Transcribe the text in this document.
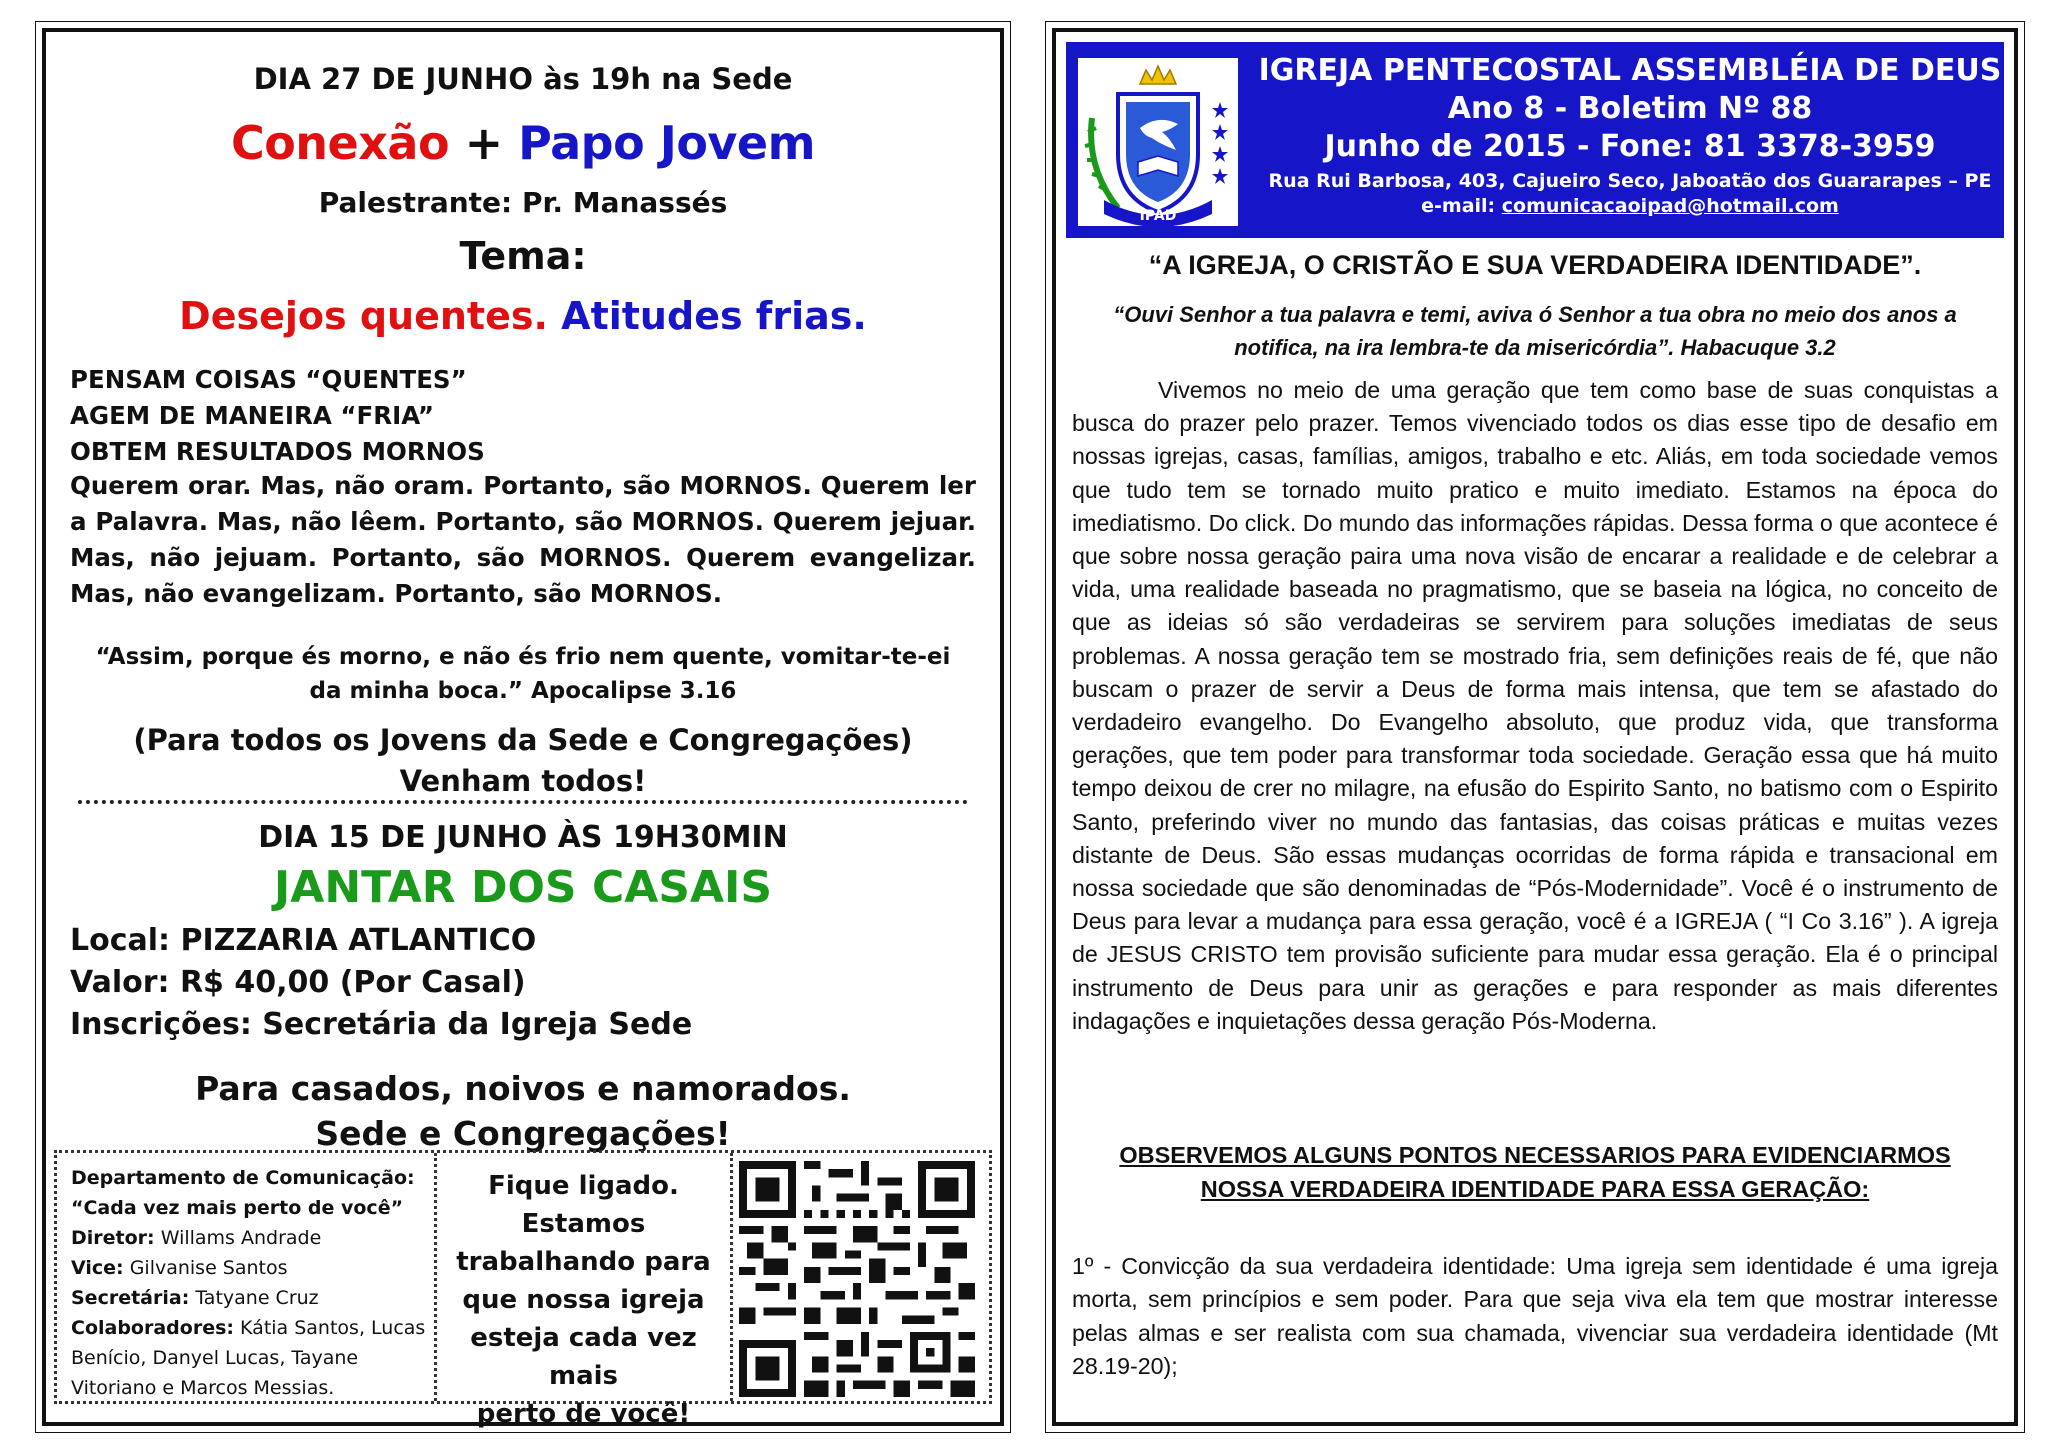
DIA 27 DE JUNHO às 19h na Sede
Conexão + Papo Jovem
Palestrante: Pr. Manassés
Tema:
Desejos quentes. Atitudes frias.
PENSAM COISAS “QUENTES”
AGEM DE MANEIRA “FRIA”
OBTEM RESULTADOS MORNOS
Querem orar. Mas, não oram. Portanto, são MORNOS. Querem ler a Palavra. Mas, não lêem. Portanto, são MORNOS. Querem jejuar. Mas, não jejuam. Portanto, são MORNOS. Querem evangelizar. Mas, não evangelizam. Portanto, são MORNOS.
“Assim, porque és morno, e não és frio nem quente, vomitar-te-ei da minha boca.” Apocalipse 3.16
(Para todos os Jovens da Sede e Congregações)
Venham todos!
DIA 15 DE JUNHO ÀS 19H30MIN
JANTAR DOS CASAIS
Local: PIZZARIA ATLANTICO
Valor: R$ 40,00 (Por Casal)
Inscrições: Secretária da Igreja Sede
Para casados, noivos e namorados.
Sede e Congregações!
Departamento de Comunicação:
“Cada vez mais perto de você”
Diretor: Willams Andrade
Vice: Gilvanise Santos
Secretária: Tatyane Cruz
Colaboradores: Kátia Santos, Lucas Benício, Danyel Lucas, Tayane Vitoriano e Marcos Messias.
Fique ligado.
Estamos
trabalhando para
que nossa igreja
esteja cada vez mais
perto de você!
IPAD
IGREJA PENTECOSTAL ASSEMBLÉIA DE DEUS
Ano 8 - Boletim Nº 88
Junho de 2015 - Fone: 81 3378-3959
Rua Rui Barbosa, 403, Cajueiro Seco, Jaboatão dos Guararapes – PE
e-mail: comunicacaoipad@hotmail.com
“A IGREJA, O CRISTÃO E SUA VERDADEIRA IDENTIDADE”.
“Ouvi Senhor a tua palavra e temi, aviva ó Senhor a tua obra no meio dos anos a notifica, na ira lembra-te da misericórdia”. Habacuque 3.2
Vivemos no meio de uma geração que tem como base de suas conquistas a busca do prazer pelo prazer. Temos vivenciado todos os dias esse tipo de desafio em nossas igrejas, casas, famílias, amigos, trabalho e etc. Aliás, em toda sociedade vemos que tudo tem se tornado muito pratico e muito imediato. Estamos na época do imediatismo. Do click. Do mundo das informações rápidas. Dessa forma o que acontece é que sobre nossa geração paira uma nova visão de encarar a realidade e de celebrar a vida, uma realidade baseada no pragmatismo, que se baseia na lógica, no conceito de que as ideias só são verdadeiras se servirem para soluções imediatas de seus problemas. A nossa geração tem se mostrado fria, sem definições reais de fé, que não buscam o prazer de servir a Deus de forma mais intensa, que tem se afastado do verdadeiro evangelho. Do Evangelho absoluto, que produz vida, que transforma gerações, que tem poder para transformar toda sociedade. Geração essa que há muito tempo deixou de crer no milagre, na efusão do Espirito Santo, no batismo com o Espirito Santo, preferindo viver no mundo das fantasias, das coisas práticas e muitas vezes distante de Deus. São essas mudanças ocorridas de forma rápida e transacional em nossa sociedade que são denominadas de “Pós-Modernidade”. Você é o instrumento de Deus para levar a mudança para essa geração, você é a IGREJA ( “I Co 3.16” ). A igreja de JESUS CRISTO tem provisão suficiente para mudar essa geração. Ela é o principal instrumento de Deus para unir as gerações e para responder as mais diferentes indagações e inquietações dessa geração Pós-Moderna.
OBSERVEMOS ALGUNS PONTOS NECESSARIOS PARA EVIDENCIARMOS NOSSA VERDADEIRA IDENTIDADE PARA ESSA GERAÇÃO:
1º - Convicção da sua verdadeira identidade: Uma igreja sem identidade é uma igreja morta, sem princípios e sem poder. Para que seja viva ela tem que mostrar interesse pelas almas e ser realista com sua chamada, vivenciar sua verdadeira identidade (Mt 28.19-20);
